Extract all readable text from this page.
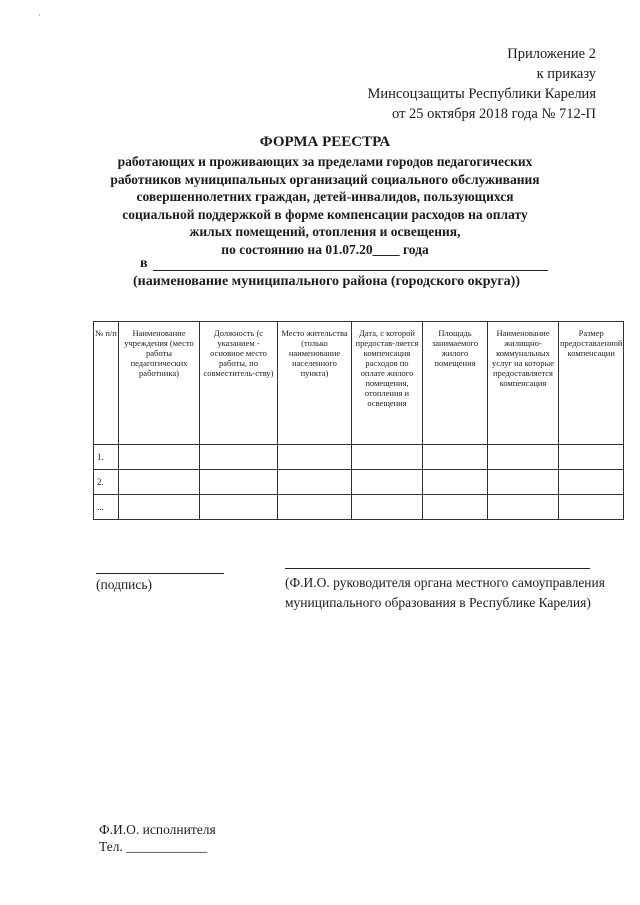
·
Приложение 2
к приказу
Минсоцзащиты Республики Карелия
от 25 октября 2018 года № 712-П
ФОРМА РЕЕСТРА
работающих и проживающих за пределами городов педагогических
работников муниципальных организаций социального обслуживания
совершеннолетних граждан, детей-инвалидов, пользующихся
социальной поддержкой в форме компенсации расходов на оплату
жилых помещений, отопления и освещения,
по состоянию на 01.07.20____ года
в
(наименование муниципального района (городского округа))
№ п/п	Наименование учреждения (место работы педагогических работника)	Должность (с указанием - основное место работы, по совместитель-ству)	Место жительства (только наименование населенного пункта)	Дата, с которой предостав-ляется компенсация расходов по оплате жилого помещения, отопления и освещения	Площадь занимаемого жилого помещения	Наименование жилищно-коммунальных услуг на которые предоставляется компенсация	Размер предоставленной компенсации
1.							
2.							
...							
(подпись)	(Ф.И.О. руководителя органа местного самоуправления
муниципального образования в Республике Карелия)
Ф.И.О. исполнителя
Тел. ____________
